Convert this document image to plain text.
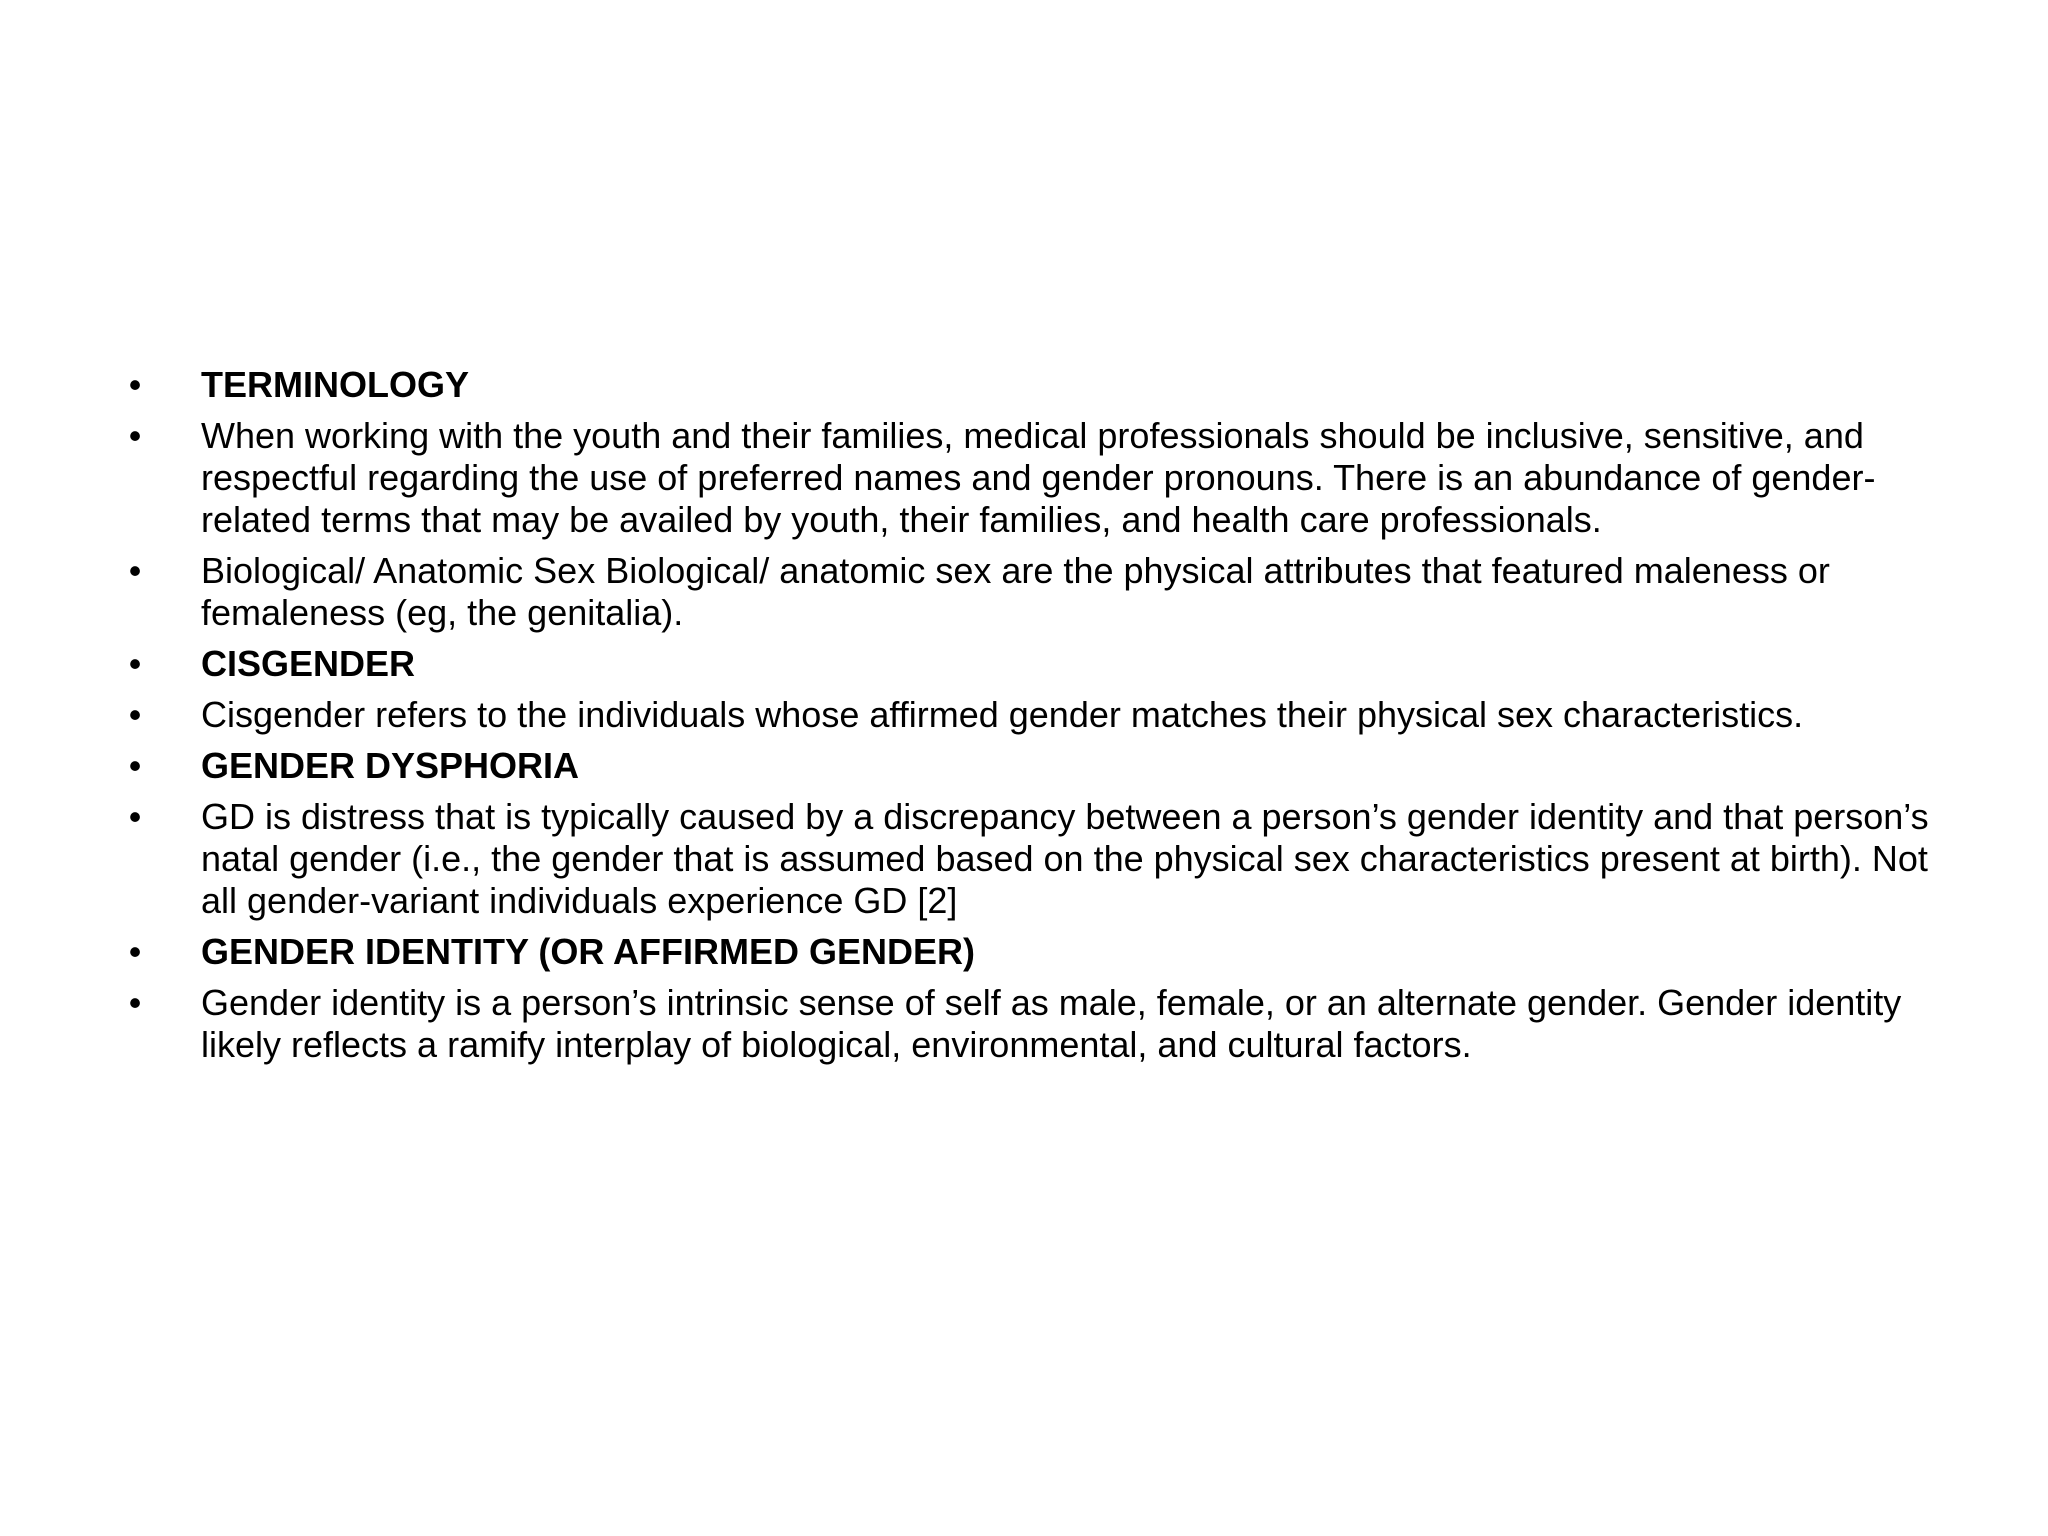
• TERMINOLOGY
• When working with the youth and their families, medical professionals should be inclusive, sensitive, and respectful regarding the use of preferred names and gender pronouns. There is an abundance of gender-related terms that may be availed by youth, their families, and health care professionals.
• Biological/ Anatomic Sex Biological/ anatomic sex are the physical attributes that featured maleness or femaleness (eg, the genitalia).
• CISGENDER
• Cisgender refers to the individuals whose affirmed gender matches their physical sex characteristics.
• GENDER DYSPHORIA
• GD is distress that is typically caused by a discrepancy between a person’s gender identity and that person’s natal gender (i.e., the gender that is assumed based on the physical sex characteristics present at birth). Not all gender-variant individuals experience GD [2]
• GENDER IDENTITY (OR AFFIRMED GENDER)
• Gender identity is a person’s intrinsic sense of self as male, female, or an alternate gender. Gender identity likely reflects a ramify interplay of biological, environmental, and cultural factors.
